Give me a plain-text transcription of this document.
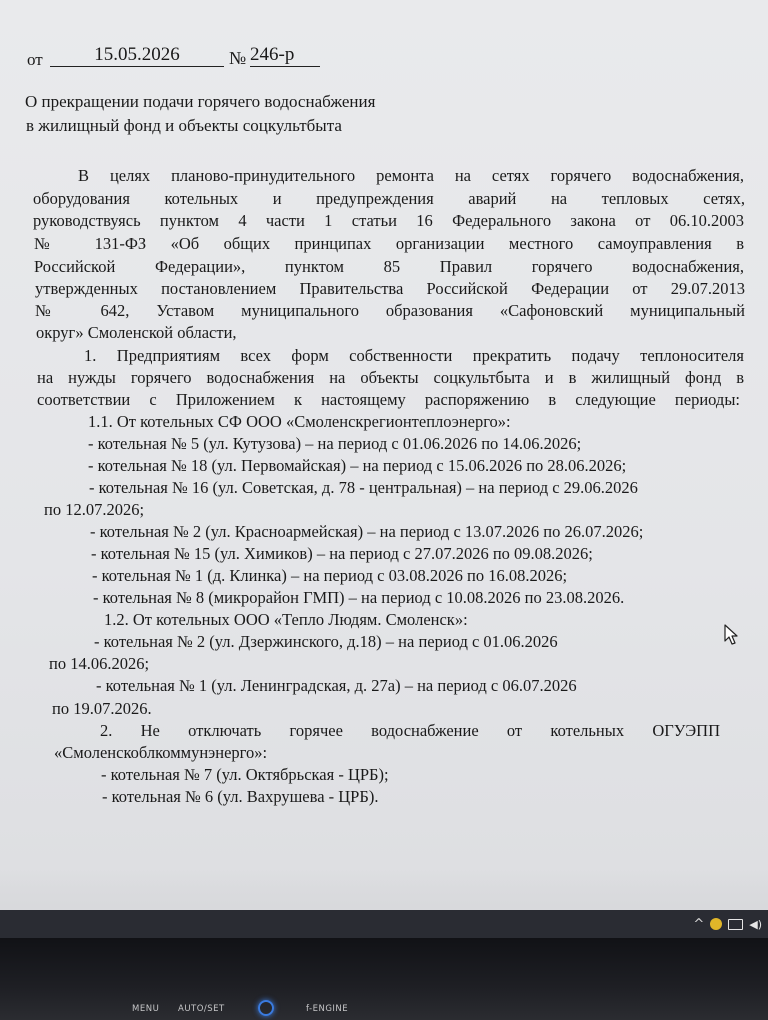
от	15.05.2026	№ 246-р
О прекращении подачи горячего водоснабжения
в жилищный фонд и объекты соцкультбыта
В целях планово-принудительного ремонта на сетях горячего водоснабжения,
оборудования котельных и предупреждения аварий на тепловых сетях,
руководствуясь пунктом 4 части 1 статьи 16 Федерального закона от 06.10.2003
№ 131-ФЗ «Об общих принципах организации местного самоуправления в
Российской Федерации», пунктом 85 Правил горячего водоснабжения,
утвержденных постановлением Правительства Российской Федерации от 29.07.2013
№ 642, Уставом муниципального образования «Сафоновский муниципальный
округ» Смоленской области,
1. Предприятиям всех форм собственности прекратить подачу теплоносителя
на нужды горячего водоснабжения на объекты соцкультбыта и в жилищный фонд в
соответствии с Приложением к настоящему распоряжению в следующие периоды:
1.1. От котельных СФ ООО «Смоленскрегионтеплоэнерго»:
- котельная № 5 (ул. Кутузова) – на период с 01.06.2026 по 14.06.2026;
- котельная № 18 (ул. Первомайская) – на период с 15.06.2026 по 28.06.2026;
- котельная № 16 (ул. Советская, д. 78 - центральная) – на период с 29.06.2026
по 12.07.2026;
- котельная № 2 (ул. Красноармейская) – на период с 13.07.2026 по 26.07.2026;
- котельная № 15 (ул. Химиков) – на период с 27.07.2026 по 09.08.2026;
- котельная № 1 (д. Клинка) – на период с 03.08.2026 по 16.08.2026;
- котельная № 8 (микрорайон ГМП) – на период с 10.08.2026 по 23.08.2026.
1.2. От котельных ООО «Тепло Людям. Смоленск»:
- котельная № 2 (ул. Дзержинского, д.18) – на период с 01.06.2026
по 14.06.2026;
- котельная № 1 (ул. Ленинградская, д. 27а) – на период с 06.07.2026
по 19.07.2026.
2. Не отключать горячее водоснабжение от котельных ОГУЭПП
«Смоленскоблкоммунэнерго»:
- котельная № 7 (ул. Октябрьская - ЦРБ);
- котельная № 6 (ул. Вахрушева - ЦРБ).
^	◀)
MENU AUTO/SET	f-ENGINE
